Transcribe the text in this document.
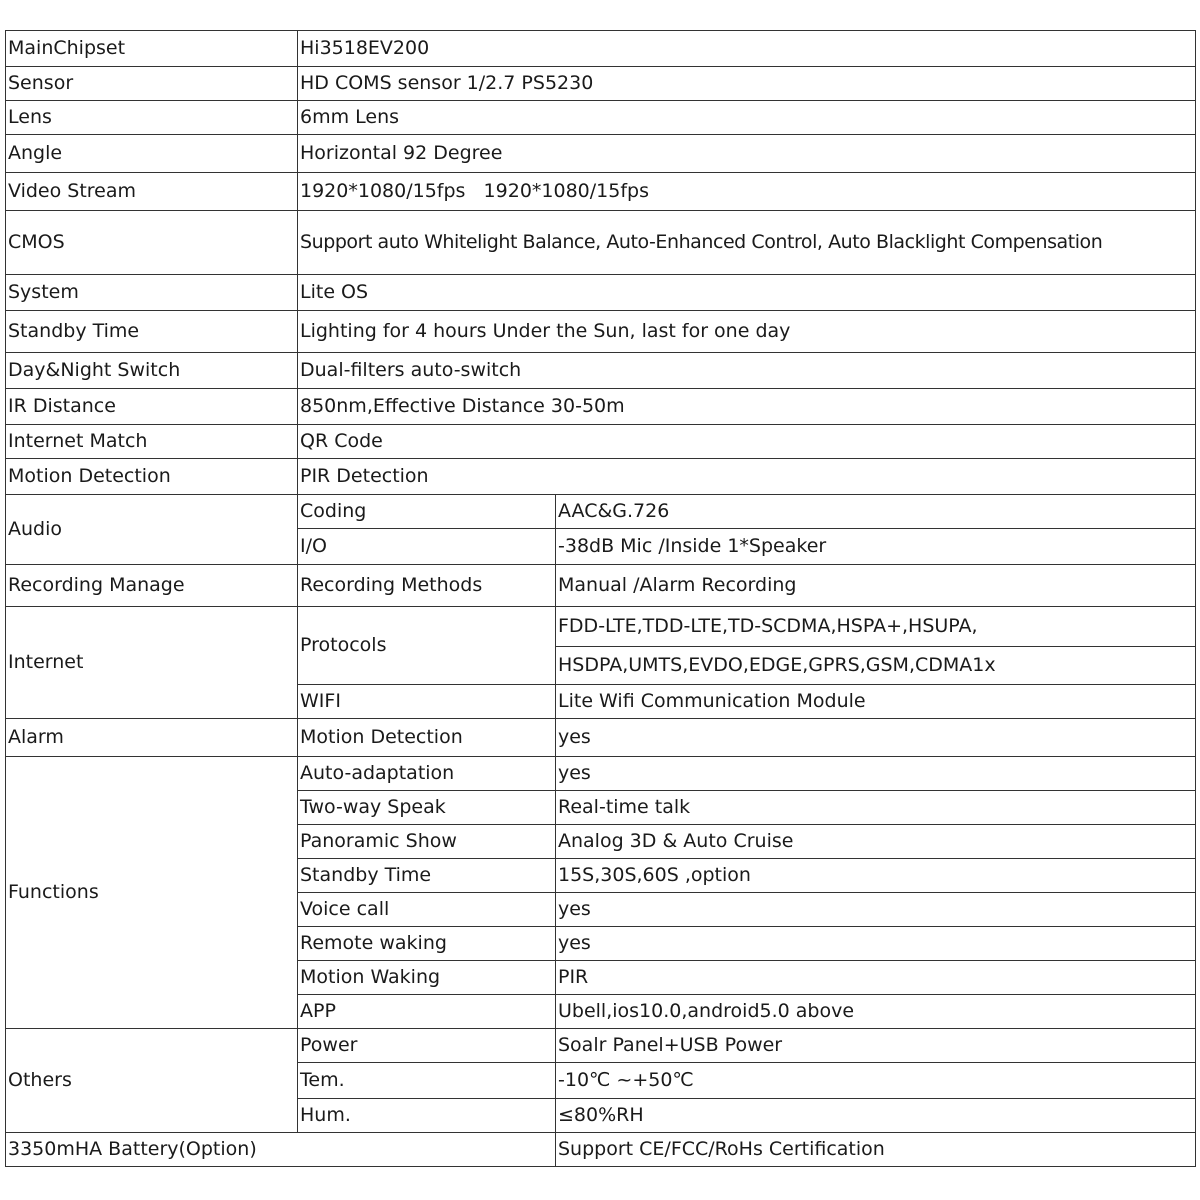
MainChipset	Hi3518EV200	
Sensor	HD COMS sensor 1/2.7 PS5230	
Lens	6mm Lens	
Angle	Horizontal 92 Degree	
Video Stream	1920*1080/15fps   1920*1080/15fps	
CMOS	Support auto Whitelight Balance, Auto-Enhanced Control, Auto Blacklight Compensation	
System	Lite OS	
Standby Time	Lighting for 4 hours Under the Sun, last for one day	
Day&Night Switch	Dual-filters auto-switch	
IR Distance	850nm,Effective Distance 30-50m	
Internet Match	QR Code	
Motion Detection	PIR Detection	
Audio	Coding	AAC&G.726
	I/O	-38dB Mic /Inside 1*Speaker
Recording Manage	Recording Methods	Manual /Alarm Recording
Internet	Protocols	FDD-LTE,TDD-LTE,TD-SCDMA,HSPA+,HSUPA,
		HSDPA,UMTS,EVDO,EDGE,GPRS,GSM,CDMA1x
	WIFI	Lite Wifi Communication Module
Alarm	Motion Detection	yes
Functions	Auto-adaptation	yes
	Two-way Speak	Real-time talk
	Panoramic Show	Analog 3D & Auto Cruise
	Standby Time	15S,30S,60S ,option
	Voice call	yes
	Remote waking	yes
	Motion Waking	PIR
	APP	Ubell,ios10.0,android5.0 above
Others	Power	Soalr Panel+USB Power
	Tem.	-10℃ ~+50℃
	Hum.	≤80%RH
3350mHA Battery(Option)		Support CE/FCC/RoHs Certification
